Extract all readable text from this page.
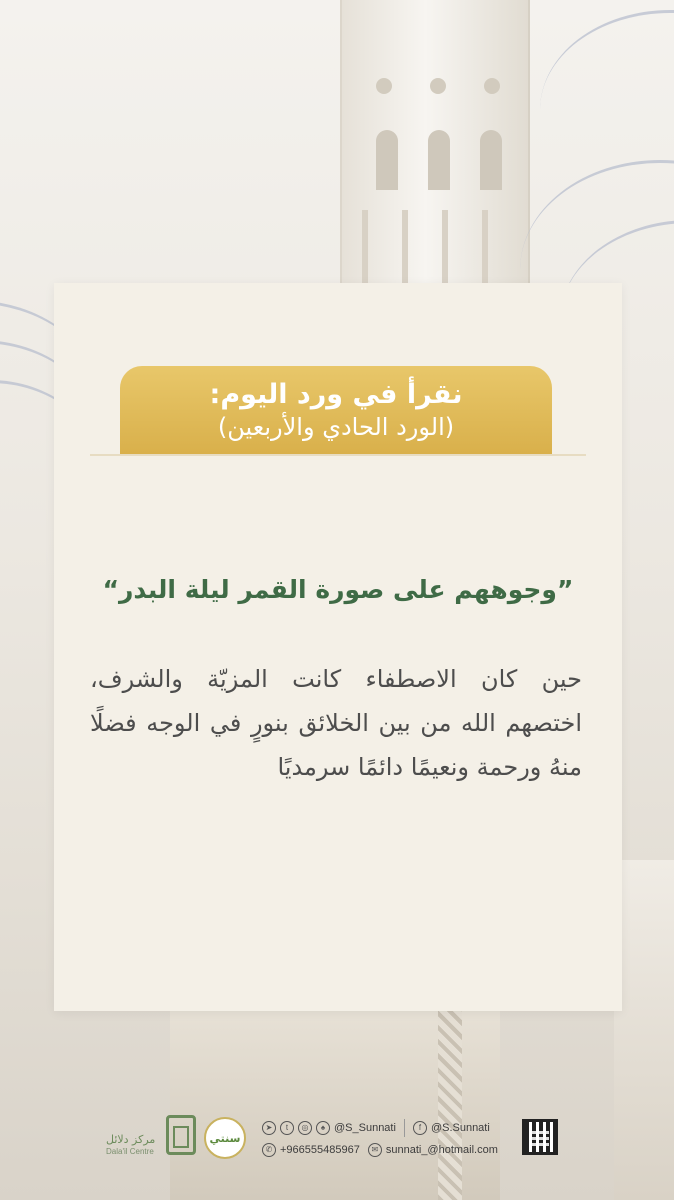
نقرأ في ورد اليوم:
(الورد الحادي والأربعين)
”وجوههم على صورة القمر ليلة البدر“
حين كان الاصطفاء كانت المزيّة والشرف، اختصهم الله من بين الخلائق بنورٍ في الوجه فضلًا منهُ ورحمة ونعيمًا دائمًا سرمديًا
مركز دلائل
Dala'il Centre
سنتي
➤	t	◎	♠ @S_Sunnati	f @S.Sunnati
✆ +966555485967	✉ sunnati_@hotmail.com
